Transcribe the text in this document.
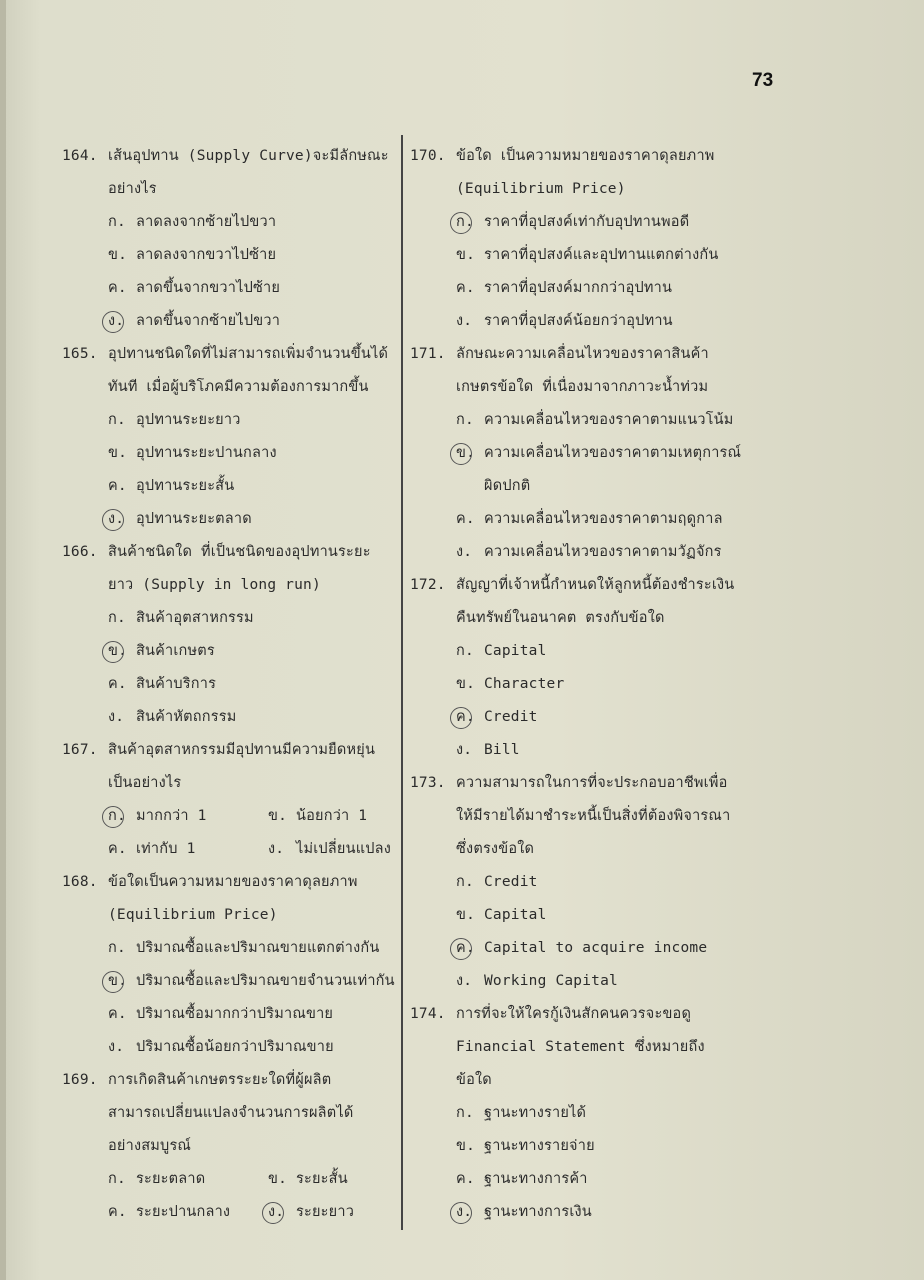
73
164. เส้นอุปทาน (Supply Curve)จะมีลักษณะ
อย่างไร
ก. ลาดลงจากซ้ายไปขวา
ข. ลาดลงจากขวาไปซ้าย
ค. ลาดขึ้นจากขวาไปซ้าย
ง. ลาดขึ้นจากซ้ายไปขวา
165. อุปทานชนิดใดที่ไม่สามารถเพิ่มจำนวนขึ้นได้
ทันที เมื่อผู้บริโภคมีความต้องการมากขึ้น
ก. อุปทานระยะยาว
ข. อุปทานระยะปานกลาง
ค. อุปทานระยะสั้น
ง. อุปทานระยะตลาด
166. สินค้าชนิดใด ที่เป็นชนิดของอุปทานระยะ
ยาว (Supply in long run)
ก. สินค้าอุตสาหกรรม
ข. สินค้าเกษตร
ค. สินค้าบริการ
ง. สินค้าหัตถกรรม
167. สินค้าอุตสาหกรรมมีอุปทานมีความยืดหยุ่น
เป็นอย่างไร
ก. มากกว่า 1	ข. น้อยกว่า 1
ค. เท่ากับ 1	ง. ไม่เปลี่ยนแปลง
168. ข้อใดเป็นความหมายของราคาดุลยภาพ
(Equilibrium Price)
ก. ปริมาณซื้อและปริมาณขายแตกต่างกัน
ข. ปริมาณซื้อและปริมาณขายจำนวนเท่ากัน
ค. ปริมาณซื้อมากกว่าปริมาณขาย
ง. ปริมาณซื้อน้อยกว่าปริมาณขาย
169. การเกิดสินค้าเกษตรระยะใดที่ผู้ผลิต
สามารถเปลี่ยนแปลงจำนวนการผลิตได้
อย่างสมบูรณ์
ก. ระยะตลาด	ข. ระยะสั้น
ค. ระยะปานกลาง	ง. ระยะยาว
170. ข้อใด เป็นความหมายของราคาดุลยภาพ
(Equilibrium Price)
ก. ราคาที่อุปสงค์เท่ากับอุปทานพอดี
ข. ราคาที่อุปสงค์และอุปทานแตกต่างกัน
ค. ราคาที่อุปสงค์มากกว่าอุปทาน
ง. ราคาที่อุปสงค์น้อยกว่าอุปทาน
171. ลักษณะความเคลื่อนไหวของราคาสินค้า
เกษตรข้อใด ที่เนื่องมาจากภาวะน้ำท่วม
ก. ความเคลื่อนไหวของราคาตามแนวโน้ม
ข. ความเคลื่อนไหวของราคาตามเหตุการณ์
ผิดปกติ
ค. ความเคลื่อนไหวของราคาตามฤดูกาล
ง. ความเคลื่อนไหวของราคาตามวัฏจักร
172. สัญญาที่เจ้าหนี้กำหนดให้ลูกหนี้ต้องชำระเงิน
คืนทรัพย์ในอนาคต ตรงกับข้อใด
ก. Capital
ข. Character
ค. Credit
ง. Bill
173. ความสามารถในการที่จะประกอบอาชีพเพื่อ
ให้มีรายได้มาชำระหนี้เป็นสิ่งที่ต้องพิจารณา
ซึ่งตรงข้อใด
ก. Credit
ข. Capital
ค. Capital to acquire income
ง. Working Capital
174. การที่จะให้ใครกู้เงินสักคนควรจะขอดู
Financial Statement ซึ่งหมายถึง
ข้อใด
ก. ฐานะทางรายได้
ข. ฐานะทางรายจ่าย
ค. ฐานะทางการค้า
ง. ฐานะทางการเงิน
